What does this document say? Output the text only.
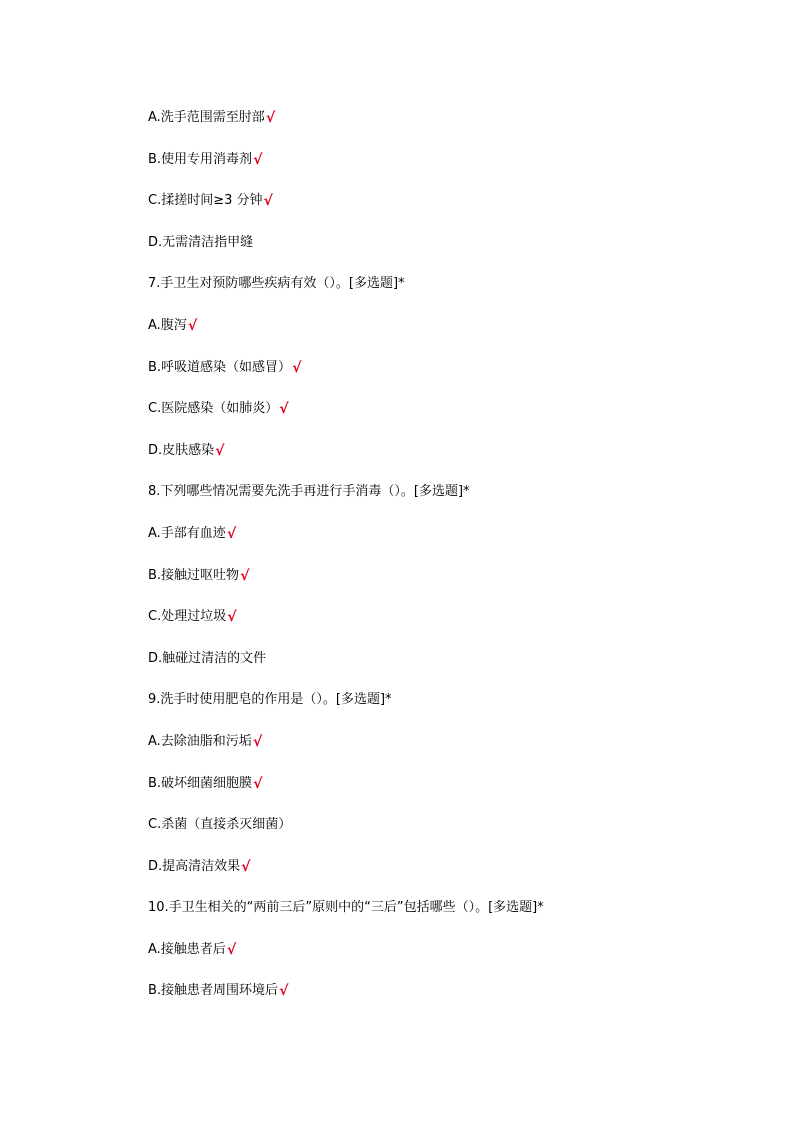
A.洗手范围需至肘部 √
B.使用专用消毒剂 √
C.揉搓时间≥3 分钟 √
D.无需清洁指甲缝
7.手卫生对预防哪些疾病有效（）。[多选题]*
A.腹泻 √
B.呼吸道感染（如感冒） √
C.医院感染（如肺炎） √
D.皮肤感染 √
8.下列哪些情况需要先洗手再进行手消毒（）。[多选题]*
A.手部有血迹 √
B.接触过呕吐物 √
C.处理过垃圾 √
D.触碰过清洁的文件
9.洗手时使用肥皂的作用是（）。[多选题]*
A.去除油脂和污垢 √
B.破坏细菌细胞膜 √
C.杀菌（直接杀灭细菌）
D.提高清洁效果 √
10.手卫生相关的“两前三后”原则中的“三后”包括哪些（）。[多选题]*
A.接触患者后 √
B.接触患者周围环境后 √
